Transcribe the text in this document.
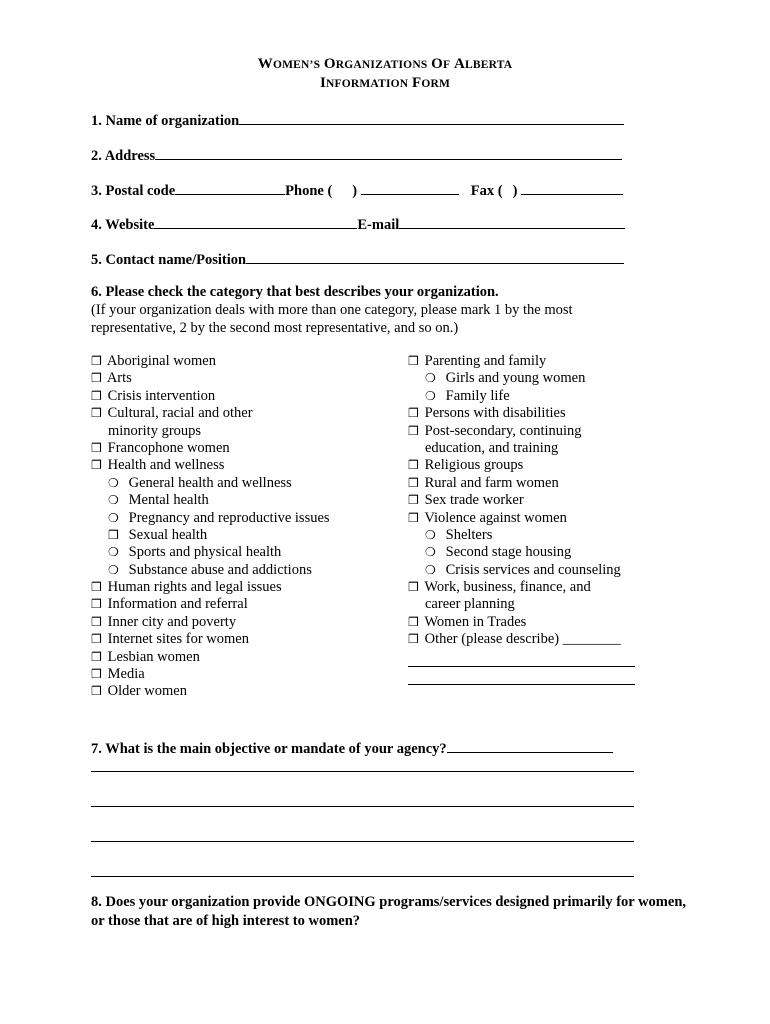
WOMEN’S ORGANIZATIONS OF ALBERTA
INFORMATION FORM
1. Name of organization
2. Address
3. Postal code	Phone ( )	Fax ( )
4. Website	E-mail
5. Contact name/Position
6. Please check the category that best describes your organization.
(If your organization deals with more than one category, please mark 1 by the most representative, 2 by the second most representative, and so on.)
❒ Aboriginal women
❒ Arts
❒ Crisis intervention
❒ Cultural, racial and other
minority groups
❒ Francophone women
❒ Health and wellness
❍ General health and wellness
❍ Mental health
❍ Pregnancy and reproductive issues
❒ Sexual health
❍ Sports and physical health
❍ Substance abuse and addictions
❒ Human rights and legal issues
❒ Information and referral
❒ Inner city and poverty
❒ Internet sites for women
❒ Lesbian women
❒ Media
❒ Older women
❒ Parenting and family
❍ Girls and young women
❍ Family life
❒ Persons with disabilities
❒ Post-secondary, continuing
education, and training
❒ Religious groups
❒ Rural and farm women
❒ Sex trade worker
❒ Violence against women
❍ Shelters
❍ Second stage housing
❍ Crisis services and counseling
❒ Work, business, finance, and
career planning
❒ Women in Trades
❒ Other (please describe) ________
7. What is the main objective or mandate of your agency?
8. Does your organization provide ONGOING programs/services designed primarily for women, or those that are of high interest to women?
